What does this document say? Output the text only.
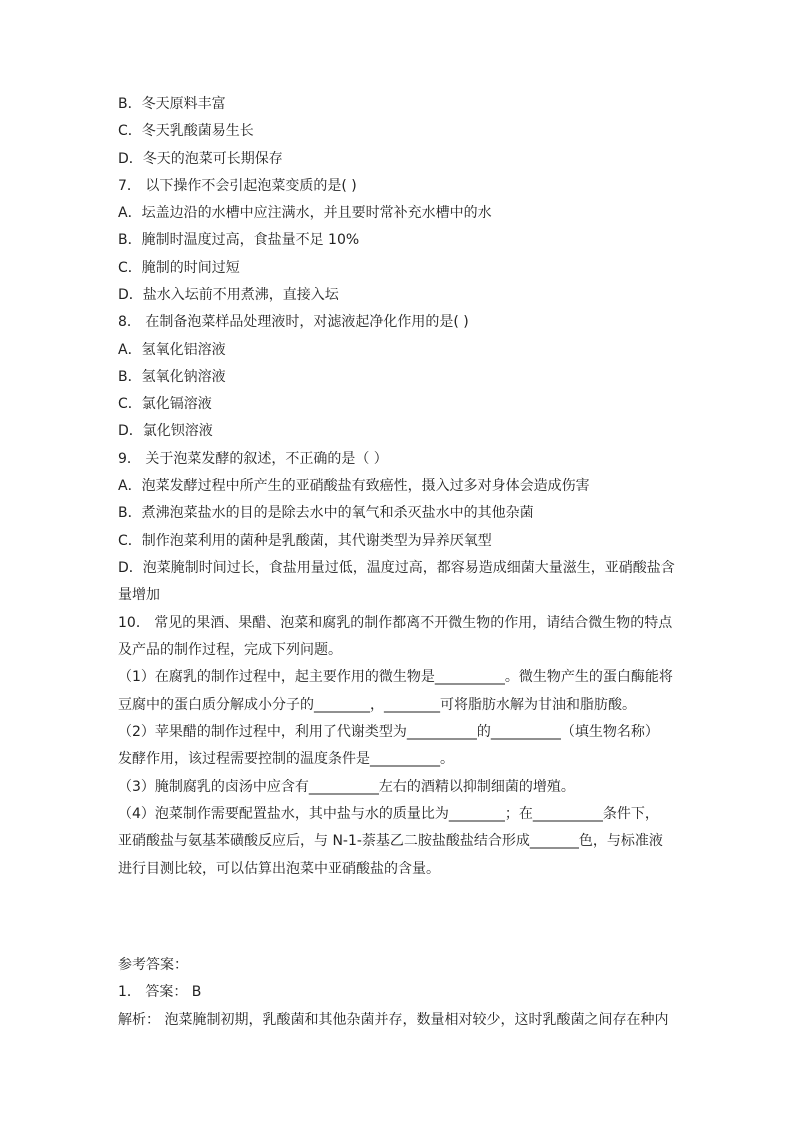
B．冬天原料丰富
C．冬天乳酸菌易生长
D．冬天的泡菜可长期保存
7． 以下操作不会引起泡菜变质的是( )
A．坛盖边沿的水槽中应注满水，并且要时常补充水槽中的水
B．腌制时温度过高，食盐量不足 10%
C．腌制的时间过短
D．盐水入坛前不用煮沸，直接入坛
8． 在制备泡菜样品处理液时，对滤液起净化作用的是( )
A．氢氧化铝溶液
B．氢氧化钠溶液
C．氯化镉溶液
D．氯化钡溶液
9． 关于泡菜发酵的叙述，不正确的是（ ）
A．泡菜发酵过程中所产生的亚硝酸盐有致癌性，摄入过多对身体会造成伤害
B．煮沸泡菜盐水的目的是除去水中的氧气和杀灭盐水中的其他杂菌
C．制作泡菜利用的菌种是乳酸菌，其代谢类型为异养厌氧型
D．泡菜腌制时间过长，食盐用量过低，温度过高，都容易造成细菌大量滋生，亚硝酸盐含
量增加
10． 常见的果酒、果醋、泡菜和腐乳的制作都离不开微生物的作用，请结合微生物的特点
及产品的制作过程，完成下列问题。
（1）在腐乳的制作过程中，起主要作用的微生物是__________。微生物产生的蛋白酶能将
豆腐中的蛋白质分解成小分子的________，________可将脂肪水解为甘油和脂肪酸。
（2）苹果醋的制作过程中，利用了代谢类型为__________的__________（填生物名称）
发酵作用，该过程需要控制的温度条件是__________。
（3）腌制腐乳的卤汤中应含有__________左右的酒精以抑制细菌的增殖。
（4）泡菜制作需要配置盐水，其中盐与水的质量比为________；在__________条件下，
亚硝酸盐与氨基苯磺酸反应后，与 N-1-萘基乙二胺盐酸盐结合形成_______色，与标准液
进行目测比较，可以估算出泡菜中亚硝酸盐的含量。
参考答案：
1． 答案： B
解析： 泡菜腌制初期，乳酸菌和其他杂菌并存，数量相对较少，这时乳酸菌之间存在种内
